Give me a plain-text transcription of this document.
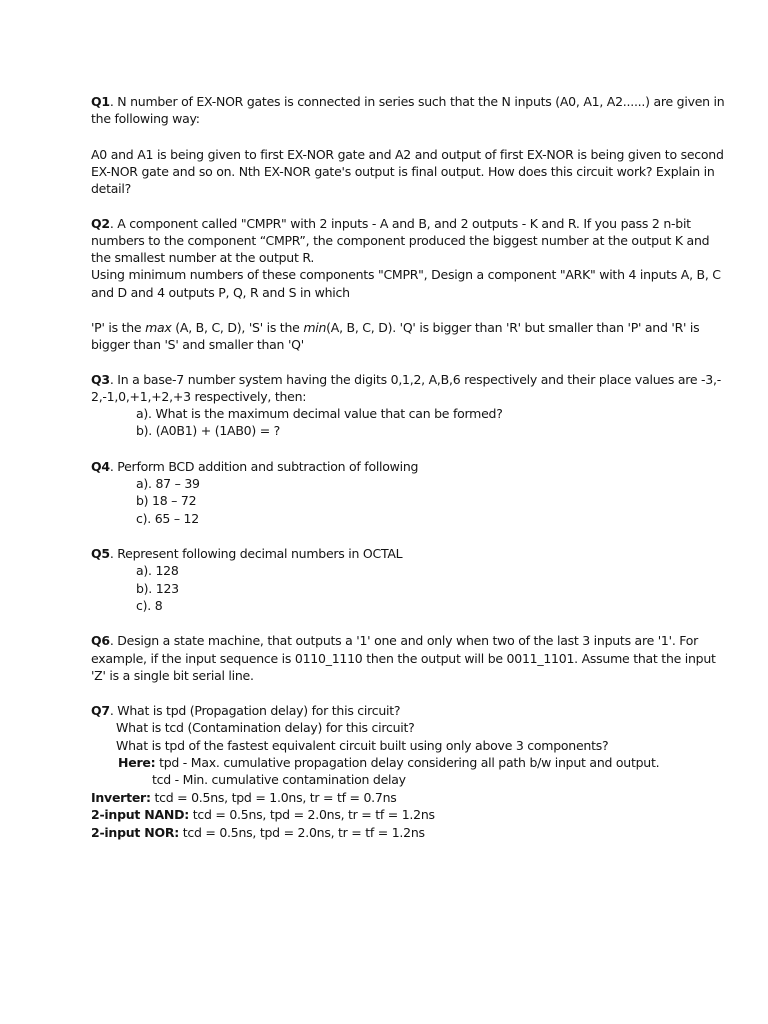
Q1. N number of EX-NOR gates is connected in series such that the N inputs (A0, A1, A2......) are given in

the following way:

A0 and A1 is being given to first EX-NOR gate and A2 and output of first EX-NOR is being given to second

EX-NOR gate and so on. Nth EX-NOR gate's output is final output. How does this circuit work? Explain in

detail?

Q2. A component called "CMPR" with 2 inputs - A and B, and 2 outputs - K and R. If you pass 2 n-bit

numbers to the component “CMPR”, the component produced the biggest number at the output K and

the smallest number at the output R.

Using minimum numbers of these components "CMPR", Design a component "ARK" with 4 inputs A, B, C

and D and 4 outputs P, Q, R and S in which

'P' is the max (A, B, C, D), 'S' is the min(A, B, C, D). 'Q' is bigger than 'R' but smaller than 'P' and 'R' is

bigger than 'S' and smaller than 'Q'

Q3. In a base-7 number system having the digits 0,1,2, A,B,6 respectively and their place values are -3,-

2,-1,0,+1,+2,+3 respectively, then:

a). What is the maximum decimal value that can be formed?

b). (A0B1) + (1AB0) = ?

Q4. Perform BCD addition and subtraction of following

a). 87 – 39

b) 18 – 72

c). 65 – 12

Q5. Represent following decimal numbers in OCTAL

a). 128

b). 123

c). 8

Q6. Design a state machine, that outputs a '1' one and only when two of the last 3 inputs are '1'. For

example, if the input sequence is 0110_1110 then the output will be 0011_1101. Assume that the input

'Z' is a single bit serial line.

Q7. What is tpd (Propagation delay) for this circuit?

What is tcd (Contamination delay) for this circuit?

What is tpd of the fastest equivalent circuit built using only above 3 components?

Here: tpd - Max. cumulative propagation delay considering all path b/w input and output.

tcd - Min. cumulative contamination delay

Inverter: tcd = 0.5ns, tpd = 1.0ns, tr = tf = 0.7ns

2-input NAND: tcd = 0.5ns, tpd = 2.0ns, tr = tf = 1.2ns

2-input NOR: tcd = 0.5ns, tpd = 2.0ns, tr = tf = 1.2ns
